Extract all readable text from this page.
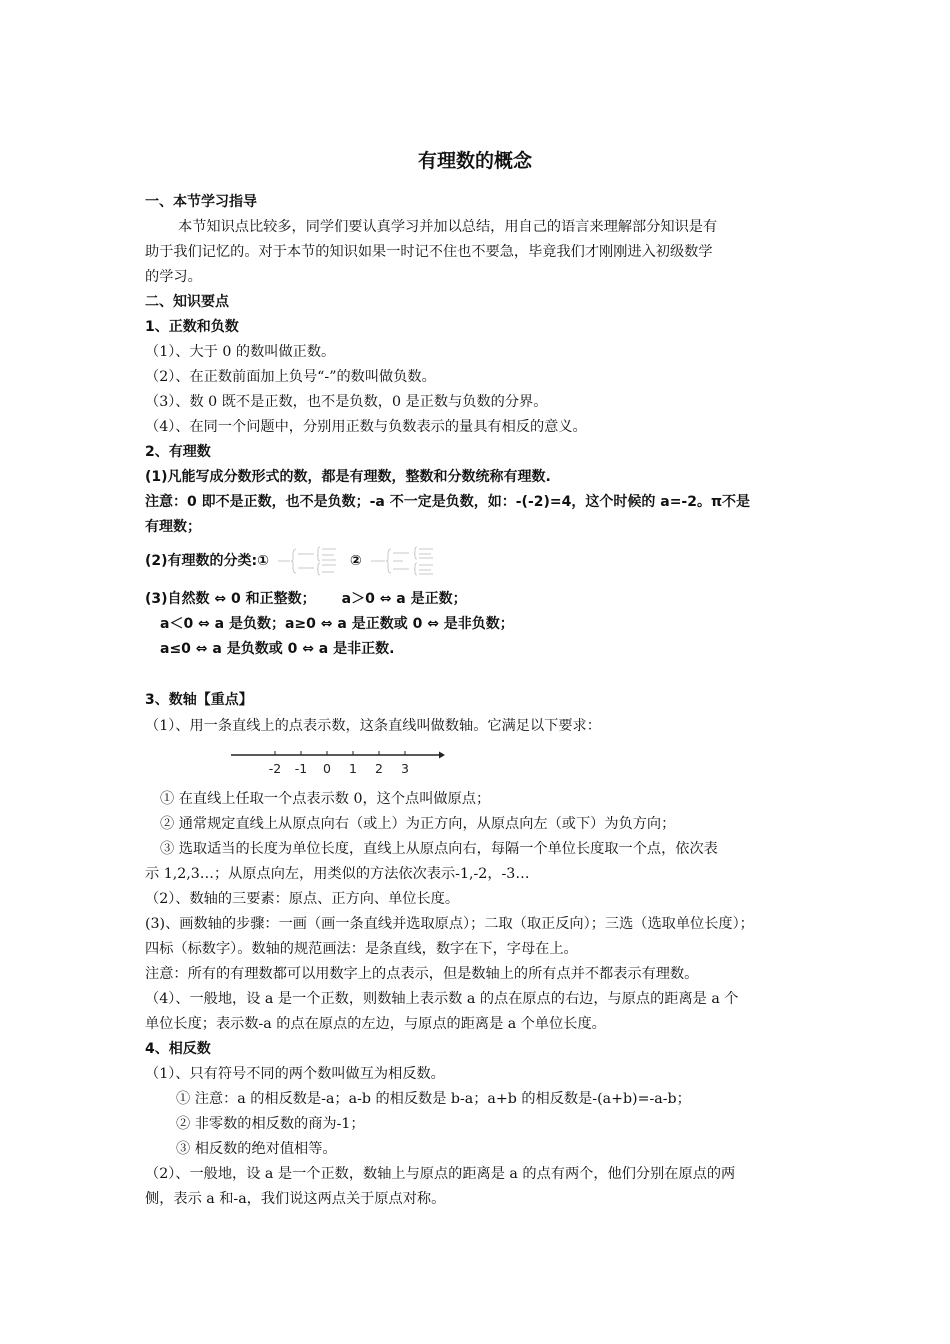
有理数的概念
一、本节学习指导
本节知识点比较多，同学们要认真学习并加以总结，用自己的语言来理解部分知识是有
助于我们记忆的。对于本节的知识如果一时记不住也不要急，毕竟我们才刚刚进入初级数学
的学习。
二、知识要点
1、正数和负数
（1）、大于 0 的数叫做正数。
（2）、在正数前面加上负号“-”的数叫做负数。
（3）、数 0 既不是正数，也不是负数，0 是正数与负数的分界。
（4）、在同一个问题中，分别用正数与负数表示的量具有相反的意义。
2、有理数
(1)凡能写成分数形式的数，都是有理数，整数和分数统称有理数.
注意：0 即不是正数，也不是负数；-a 不一定是负数，如：-(-2)=4，这个时候的 a=-2。π不是
有理数；
(2)有理数的分类:①	②
(3)自然数 ⇔ 0 和正整数； a＞0 ⇔ a 是正数；
a＜0 ⇔ a 是负数；a≥0 ⇔ a 是正数或 0 ⇔ 是非负数；
a≤0 ⇔ a 是负数或 0 ⇔ a 是非正数.
3、数轴【重点】
（1）、用一条直线上的点表示数，这条直线叫做数轴。它满足以下要求：
-2 -1 0 1 2 3
① 在直线上任取一个点表示数 0，这个点叫做原点；
② 通常规定直线上从原点向右（或上）为正方向，从原点向左（或下）为负方向；
③ 选取适当的长度为单位长度，直线上从原点向右，每隔一个单位长度取一个点，依次表
示 1,2,3…；从原点向左，用类似的方法依次表示-1,-2，-3…
（2）、数轴的三要素：原点、正方向、单位长度。
(3)、画数轴的步骤：一画（画一条直线并选取原点）；二取（取正反向）；三选（选取单位长度）；
四标（标数字）。数轴的规范画法：是条直线，数字在下，字母在上。
注意：所有的有理数都可以用数字上的点表示，但是数轴上的所有点并不都表示有理数。
（4）、一般地，设 a 是一个正数，则数轴上表示数 a 的点在原点的右边，与原点的距离是 a 个
单位长度；表示数-a 的点在原点的左边，与原点的距离是 a 个单位长度。
4、相反数
（1）、只有符号不同的两个数叫做互为相反数。
① 注意：a 的相反数是-a；a-b 的相反数是 b-a；a+b 的相反数是-(a+b)=-a-b；
② 非零数的相反数的商为-1；
③ 相反数的绝对值相等。
（2）、一般地，设 a 是一个正数，数轴上与原点的距离是 a 的点有两个，他们分别在原点的两
侧，表示 a 和-a，我们说这两点关于原点对称。
